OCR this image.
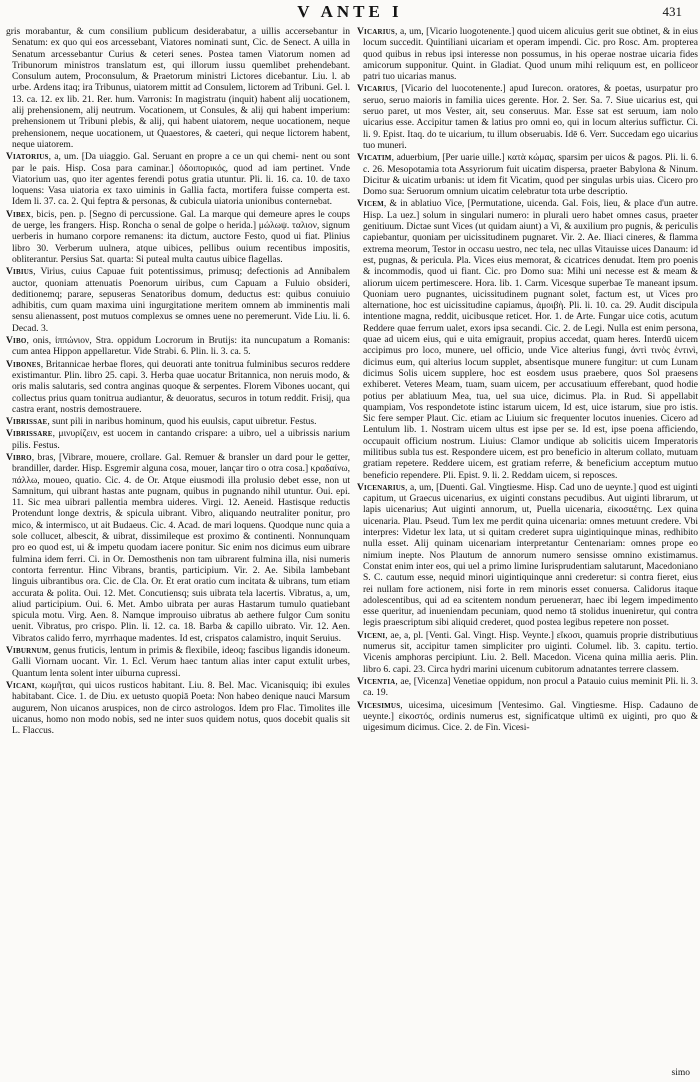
V ANTE I	431

gris morabantur, & cum consilium publicum desiderabatur, a uillis accersebantur in Senatum: ex quo qui eos arcessebant, Viatores nominati sunt, Cic. de Senect. A uilla in Senatum arcessebantur Curius & ceteri senes. Postea tamen Viatorum nomen ad Tribunorum ministros translatum est, qui illorum iussu quemlibet prehendebant. Consulum autem, Proconsulum, & Praetorum ministri Lictores dicebantur. Liu. l. ab urbe. Ardens itaq; ira Tribunus, uiatorem mittit ad Consulem, lictorem ad Tribuni. Gel. l. 13. ca. 12. ex lib. 21. Rer. hum. Varronis: In magistratu (inquit) habent alij uocationem, alij prehensionem, alij neutrum. Vocationem, ut Consules, & alij qui habent imperium: prehensionem ut Tribuni plebis, & alij, qui habent uiatorem, neque uocationem, neque prehensionem, neque uocationem, ut Quaestores, & caeteri, qui neque lictorem habent, neque uiatorem.

Viatorius, a, um. [Da uiaggio. Gal. Seruant en propre a ce un qui chemi- nent ou sont par le pais. Hisp. Cosa para caminar.] ὁδοιπορικός, quod ad iam pertinet. Vnde Viatorium uas, quo iter agentes ferendi potus gratia utuntur. Pli. li. 16. ca. 10. de taxo loquens: Vasa uiatoria ex taxo uiminis in Gallia facta, mortifera fuisse comperta est. Idem li. 37. ca. 2. Qui feptra & personas, & cubicula uiatoria unionibus conternebat.

Vibex, bicis, pen. p. [Segno di percussione. Gal. La marque qui demeure apres le coups de uerge, les frangers. Hisp. Roncha o senal de golpe o herida.] μώλωψ. ταλιον, signum uerberis in humano corpore remanens: ita dictum, auctore Festo, quod ui fiat. Plinius libro 30. Verberum uulnera, atque uibices, pellibus ouium recentibus impositis, obliterantur. Persius Sat. quarta: Si puteal multa cautus uibice flagellas.

Vibius, Virius, cuius Capuae fuit potentissimus, primusq; defectionis ad Annibalem auctor, quoniam attenuatis Poenorum uiribus, cum Capuam a Fuluio obsideri, deditionemq; parare, sepuseras Senatoribus domum, deductus est: quibus conuiuio adhibitis, cum quam maxima uini ingurgitatione meritem omnem ab imminentis mali sensu alienassent, post mutuos complexus se omnes uene no peremerunt. Vide Liu. li. 6. Decad. 3.

Vibo, onis, ἱππώνιον, Stra. oppidum Locrorum in Brutijs: ita nuncupatum a Romanis: cum antea Hippon appellaretur. Vide Strabi. 6. Plin. li. 3. ca. 5.

Vibones, Britannicae herbae flores, qui deuorati ante tonitrua fulminibus securos reddere existimantur. Plin. libro 25. capi. 3. Herba quae uocatur Britannica, non neruis modo, & oris malis salutaris, sed contra anginas quoque & serpentes. Florem Vibones uocant, qui collectus prius quam tonitrua audiantur, & deuoratus, securos in totum reddit. Frisij, qua castra erant, nostris demostrauere.

Vibrissae, sunt pili in naribus hominum, quod his euulsis, caput uibretur. Festus.

Vibrissare, μινυρίζειν, est uocem in cantando crispare: a uibro, uel a uibrissis narium pilis. Festus.

Vibro, bras, [Vibrare, mouere, crollare. Gal. Remuer & bransler un dard pour le getter, brandiller, darder. Hisp. Esgremir alguna cosa, mouer, lançar tiro o otra cosa.] κραδαίνω, πάλλω, moueo, quatio. Cic. 4. de Or. Atque eiusmodi illa prolusio debet esse, non ut Samnitum, qui uibrant hastas ante pugnam, quibus in pugnando nihil utuntur. Oui. epi. 11. Sic mea uibrari pallentia membra uideres. Virgi. 12. Aeneid. Hastisque reductis Protendunt longe dextris, & spicula uibrant. Vibro, aliquando neutraliter ponitur, pro mico, & intermisco, ut ait Budaeus. Cic. 4. Acad. de mari loquens. Quodque nunc quia a sole collucet, albescit, & uibrat, dissimileque est proximo & continenti. Nonnunquam pro eo quod est, ui & impetu quodam iacere ponitur. Sic enim nos dicimus eum uibrare fulmina idem ferri. Ci. in Or. Demosthenis non tam uibrarent fulmina illa, nisi numeris contorta ferrentur. Hinc Vibrans, brantis, participium. Vir. 2. Ae. Sibila lambebant linguis uibrantibus ora. Cic. de Cla. Or. Et erat oratio cum incitata & uibrans, tum etiam accurata & polita. Oui. 12. Met. Concutiensq; suis uibrata tela lacertis. Vibratus, a, um, aliud participium. Oui. 6. Met. Ambo uibrata per auras Hastarum tumulo quatiebant spicula motu. Virg. Aen. 8. Namque improuiso uibratus ab aethere fulgor Cum sonitu uenit. Vibratus, pro crispo. Plin. li. 12. ca. 18. Barba & capillo uibrato. Vir. 12. Aen. Vibratos calido ferro, myrrhaque madentes. Id est, crispatos calamistro, inquit Seruius.

Viburnum, genus fruticis, lentum in primis & flexibile, ideoq; fascibus ligandis idoneum. Galli Viornam uocant. Vir. 1. Ecl. Verum haec tantum alias inter caput extulit urbes, Quantum lenta solent inter uiburna cupressi.

Vicani, κωμῆται, qui uicos rusticos habitant. Liu. 8. Bel. Mac. Vicanisquiq; ibi exules habitabant. Cice. 1. de Diu. ex uetusto quopiā Poeta: Non habeo denique nauci Marsum augurem, Non uicanos aruspices, non de circo astrologos. Idem pro Flac. Timolites ille uicanus, homo non modo nobis, sed ne inter suos quidem notus, quos docebit qualis sit L. Flaccus.

Vicarius, a, um, [Vicario luogotenente.] quod uicem alicuius gerit sue obtinet, & in eius locum succedit. Quintiliani uicariam et operam impendi. Cic. pro Rosc. Am. propterea quod quibus in rebus ipsi interesse non possumus, in his operae nostrae uicaria fides amicorum supponitur. Quint. in Gladiat. Quod unum mihi reliquum est, en polliceor patri tuo uicarias manus.

Vicarius, [Vicario del luocotenente.] apud Iurecon. oratores, & poetas, usurpatur pro seruo, seruo maioris in familia uices gerente. Hor. 2. Ser. Sa. 7. Siue uicarius est, qui seruo paret, ut mos Vester, ait, seu conseruus. Mar. Esse sat est seruum, iam nolo uicarius esse. Accipitur tamen & latius pro omni eo, qui in locum alterius suffictur. Ci. li. 9. Epist. Itaq. do te uicarium, tu illum obseruabis. Idē 6. Verr. Succedam ego uicarius tuo muneri.

Vicatim, aduerbium, [Per uarie uille.] κατὰ κώμας, sparsim per uicos & pagos. Pli. li. 6. c. 26. Mesopotamia tota Assyriorum fuit uicatim dispersa, praeter Babylona & Ninum. Dicitur & uicatim urbanis: ut idem fit Vicatim, quod per singulas urbis uias. Cicero pro Domo sua: Seruorum omnium uicatim celebratur tota urbe descriptio.

Vicem, & in ablatiuo Vice, [Permutatione, uicenda. Gal. Fois, lieu, & place d'un autre. Hisp. La uez.] solum in singulari numero: in plurali uero habet omnes casus, praeter genitiuum. Dictae sunt Vices (ut quidam aiunt) a Vi, & auxilium pro pugnis, & periculis capiebantur, quoniam per uicissitudinem pugnaret. Vir. 2. Ae. Iliaci cineres, & flamma extrema meorum, Testor in occasu uestro, nec tela, nec ullas Vitauisse uices Danaum: id est, pugnas, & pericula. Pla. Vices eius memorat, & cicatrices denudat. Item pro poenis & incommodis, quod ui fiant. Cic. pro Domo sua: Mihi uni necesse est & meam & aliorum uicem pertimescere. Hora. lib. 1. Carm. Vicesque superbae Te maneant ipsum. Quoniam uero pugnantes, uicissitudinem pugnant solet, factum est, ut Vices pro alternatione, hoc est uicissitudine capiamus, ἀμοιβὴ. Pli. li. 10. ca. 29. Audit discipula intentione magna, reddit, uicibusque reticet. Hor. 1. de Arte. Fungar uice cotis, acutum Reddere quae ferrum ualet, exors ipsa secandi. Cic. 2. de Legi. Nulla est enim persona, quae ad uicem eius, qui e uita emigrauit, propius accedat, quam heres. Interdū uicem accipimus pro loco, munere, uel officio, unde Vice alterius fungi, ἀντὶ τινὸς ἐντινὶ, dicimus eum, qui alterius locum supplet, absentisque munere fungitur: ut cum Lunam dicimus Solis uicem supplere, hoc est eosdem usus praebere, quos Sol praesens exhiberet. Veteres Meam, tuam, suam uicem, per accusatiuum efferebant, quod hodie potius per ablatiuum Mea, tua, uel sua uice, dicimus. Pla. in Rud. Si appellabit quampiam, Vos respondetote istinc istarum uicem, Id est, uice istarum, siue pro istis. Sic fere semper Plaut. Cic. etiam ac Liuium sic frequenter locutos inuenies. Cicero ad Lentulum lib. 1. Nostram uicem ultus est ipse per se. Id est, ipse poena afficiendo, occupauit officium nostrum. Liuius: Clamor undique ab solicitis uicem Imperatoris militibus subla tus est. Respondere uicem, est pro beneficio in alterum collato, mutuam gratiam repetere. Reddere uicem, est gratiam referre, & beneficium acceptum mutuo beneficio rependere. Pli. Epist. 9. li. 2. Reddam uicem, si reposces.

Vicenarius, a, um, [Duenti. Gal. Vingtiesme. Hisp. Cad uno de ueynte.] quod est uiginti capitum, ut Graecus uicenarius, ex uiginti constans pecudibus. Aut uiginti librarum, ut lapis uicenarius; Aut uiginti annorum, ut, Puella uicenaria, εἰκοσαέτης. Lex quina uicenaria. Plau. Pseud. Tum lex me perdit quina uicenaria: omnes metuunt credere. Vbi interpres: Videtur lex lata, ut si quitam crederet supra uigintiquinque minas, redhibito nulla esset. Alij quinam uicenariam interpretantur Centenariam: omnes prope eo nimium inepte. Nos Plautum de annorum numero sensisse omnino existimamus. Constat enim inter eos, qui uel a primo limine Iurisprudentiam salutarunt, Macedoniano S. C. cautum esse, nequid minori uigintiquinque anni crederetur: si contra fieret, eius rei nullam fore actionem, nisi forte in rem minoris esset conuersa. Calidorus itaque adolescentibus, qui ad ea scitentem nondum perueneraт, haec ibi legem impedimento esse queritur, ad inueniendam pecuniam, quod nemo tā stolidus inueniretur, qui contra legis praescriptum sibi aliquid crederet, quod postea legibus repetere non posset.

Viceni, ae, a, pl. [Venti. Gal. Vingt. Hisp. Veynte.] εἴκοσι, quamuis proprie distributiuus numerus sit, accipitur tamen simpliciter pro uiginti. Columel. lib. 3. capitu. tertio. Vicenis amphoras percipiunt. Liu. 2. Bell. Macedon. Vicena quina millia aeris. Plin. libro 6. capi. 23. Circa hydri marini uicenum cubitorum adnatantes terrere classem.

Vicentia, ae, [Vicenza] Venetiae oppidum, non procul a Patauio cuius meminit Pli. li. 3. ca. 19.

Vicesimus, uicesima, uicesimum [Ventesimo. Gal. Vingtiesme. Hisp. Cadauno de ueynte.] εἰκοστός, ordinis numerus est, significatque ultimū ex uiginti, pro quo & uigesimum dicimus. Cice. 2. de Fin. Vicesi-

simo
